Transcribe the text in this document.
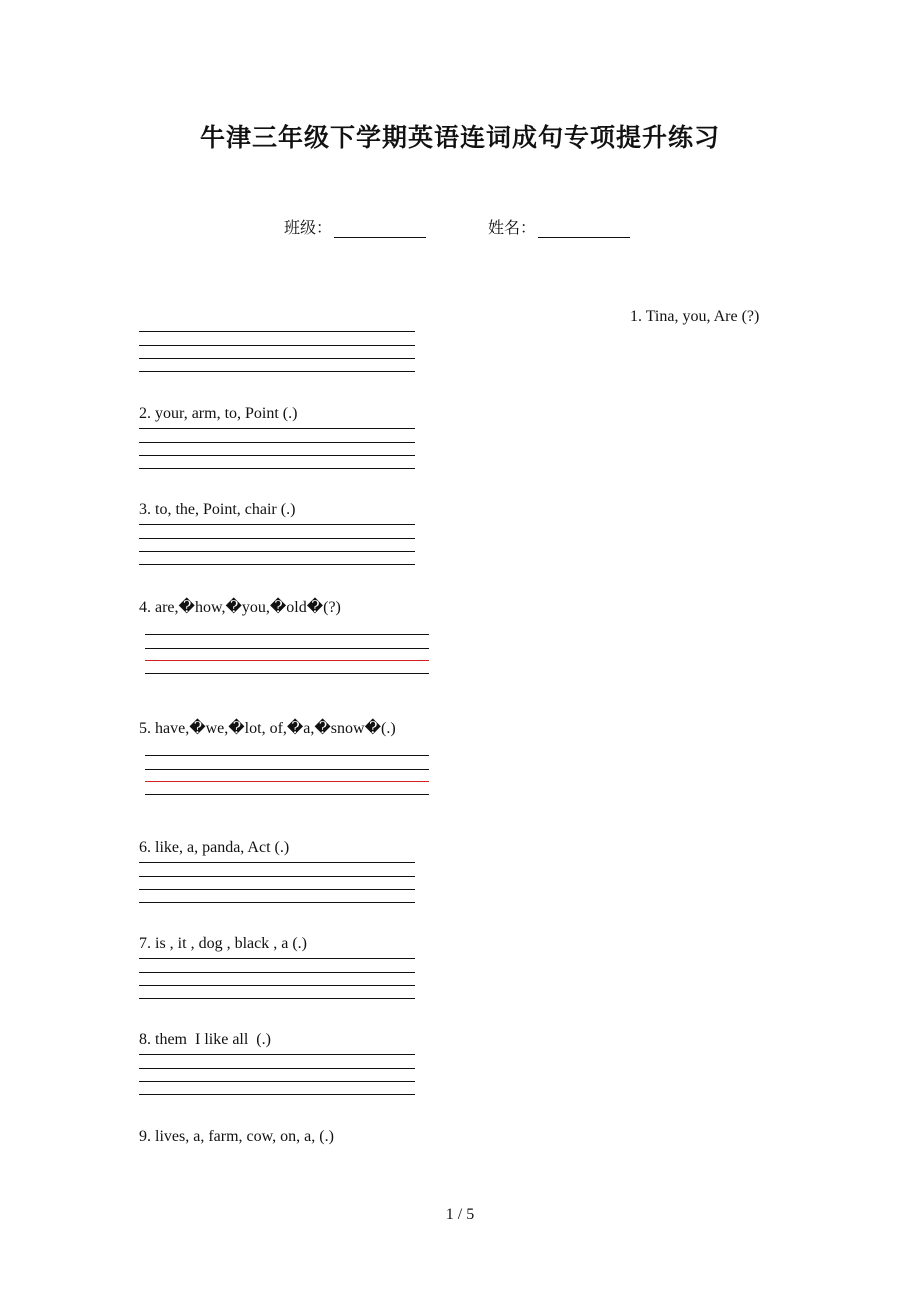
牛津三年级下学期英语连词成句专项提升练习
班级：	姓名：
1. Tina, you, Are (?)
2. your, arm, to, Point (.)
3. to, the, Point, chair (.)
4. are,�how,�you,�old�(?)
5. have,�we,�lot, of,�a,�snow�(.)
6. like, a, panda, Act (.)
7. is , it , dog , black , a (.)
8. them  I like all  (.)
9. lives, a, farm, cow, on, a, (.)
1 / 5
